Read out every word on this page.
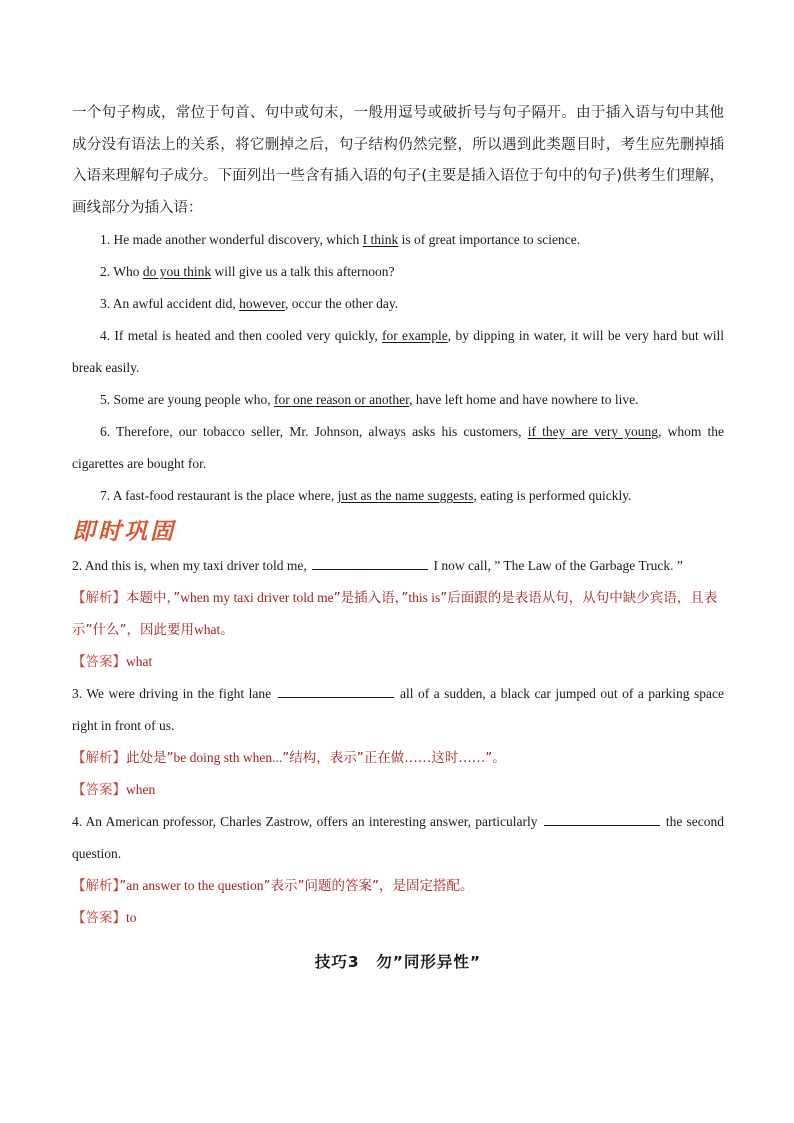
一个句子构成，常位于句首、句中或句末，一般用逗号或破折号与句子隔开。由于插入语与句中其他成分没有语法上的关系，将它删掉之后，句子结构仍然完整，所以遇到此类题目时，考生应先删掉插入语来理解句子成分。下面列出一些含有插入语的句子(主要是插入语位于句中的句子)供考生们理解，画线部分为插入语：

1. He made another wonderful discovery, which I think is of great importance to science.

2. Who do you think will give us a talk this afternoon?

3. An awful accident did, however, occur the other day.

4. If metal is heated and then cooled very quickly, for example, by dipping in water, it will be very hard but will break easily.

5. Some are young people who, for one reason or another, have left home and have nowhere to live.

6. Therefore, our tobacco seller, Mr. Johnson, always asks his customers, if they are very young, whom the cigarettes are bought for.

7. A fast-food restaurant is the place where, just as the name suggests, eating is performed quickly.

即时巩固

2. And this is, when my taxi driver told me,	I now call, ” The Law of the Garbage Truck. ”

【解析】本题中，”when my taxi driver told me”是插入语，”this is”后面跟的是表语从句，从句中缺少宾语，且表示”什么”，因此要用what。

【答案】what

3. We were driving in the fight lane	all of a sudden, a black car jumped out of a parking space right in front of us.

【解析】此处是”be doing sth when...”结构，表示”正在做……这时……”。

【答案】when

4. An American professor, Charles Zastrow, offers an interesting answer, particularly	the second question.

【解析】”an answer to the question”表示”问题的答案”，是固定搭配。

【答案】to

技巧3　勿”同形异性”
